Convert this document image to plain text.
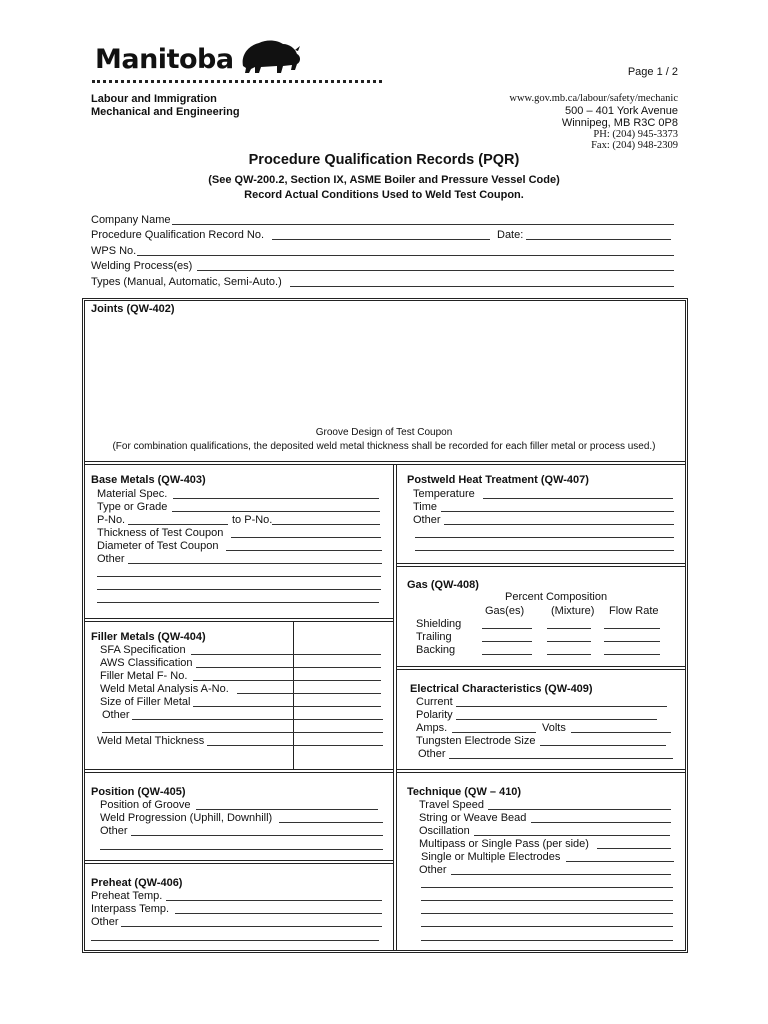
Manitoba	Page 1 / 2
Labour and Immigration
Mechanical and Engineering
www.gov.mb.ca/labour/safety/mechanic
500 – 401 York Avenue
Winnipeg, MB R3C 0P8
PH: (204) 945-3373
Fax: (204) 948-2309
Procedure Qualification Records (PQR)
(See QW-200.2, Section IX, ASME Boiler and Pressure Vessel Code)
Record Actual Conditions Used to Weld Test Coupon.
Company Name
Procedure Qualification Record No.	Date:
WPS No.
Welding Process(es)
Types (Manual, Automatic, Semi-Auto.)
Joints (QW-402)
Groove Design of Test Coupon
(For combination qualifications, the deposited weld metal thickness shall be recorded for each filler metal or process used.)
Base Metals (QW-403)
Material Spec.
Type or Grade
P-No.	to P-No.
Thickness of Test Coupon
Diameter of Test Coupon
Other
Filler Metals (QW-404)
SFA Specification
AWS Classification
Filler Metal F- No.
Weld Metal Analysis A-No.
Size of Filler Metal
Other
Weld Metal Thickness
Position (QW-405)
Position of Groove
Weld Progression (Uphill, Downhill)
Other
Preheat (QW-406)
Preheat Temp.
Interpass Temp.
Other
Postweld Heat Treatment (QW-407)
Temperature
Time
Other
Gas (QW-408)
Percent Composition
Gas(es) (Mixture) Flow Rate
Shielding
Trailing
Backing
Electrical Characteristics (QW-409)
Current
Polarity
Amps.	Volts
Tungsten Electrode Size
Other
Technique (QW – 410)
Travel Speed
String or Weave Bead
Oscillation
Multipass or Single Pass (per side)
Single or Multiple Electrodes
Other
